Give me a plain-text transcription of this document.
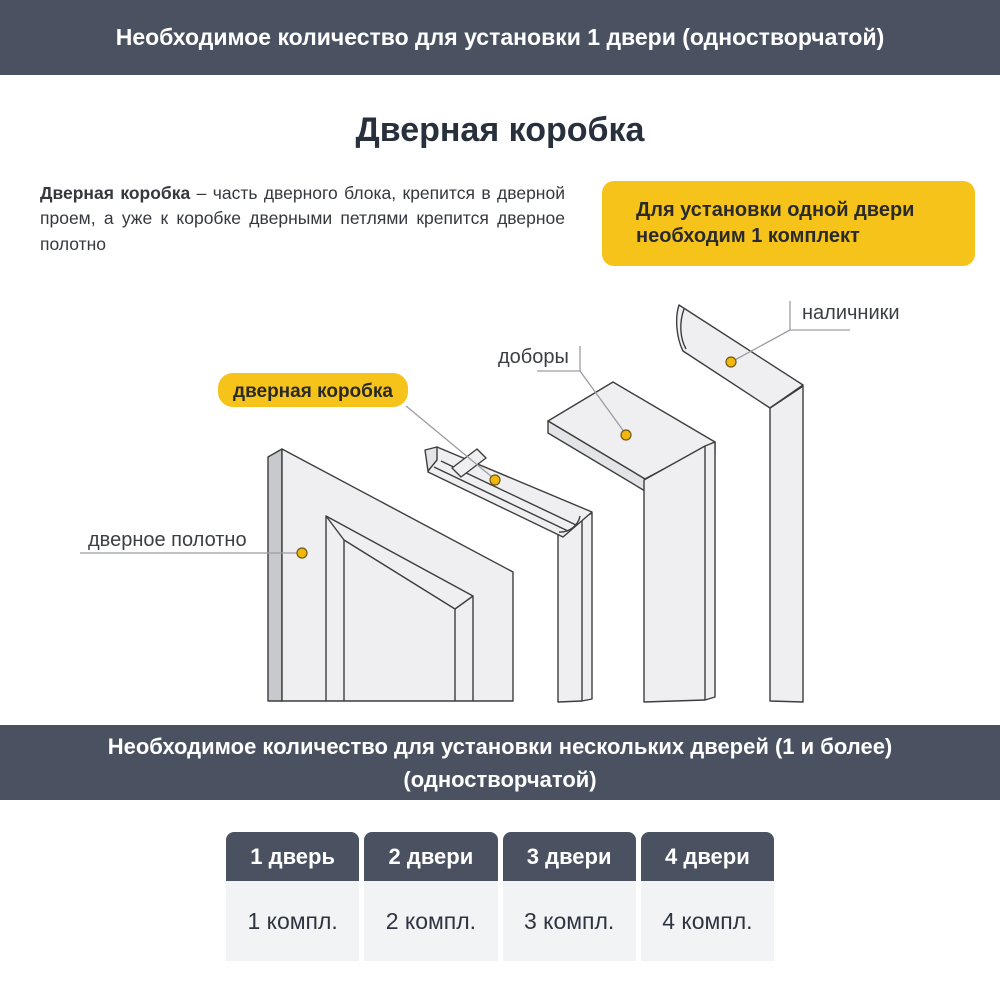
Необходимое количество для установки 1 двери (одностворчатой)
Дверная коробка
Дверная коробка – часть дверного блока, крепится в дверной проем, а уже к коробке дверными петлями крепится дверное полотно
Для установки одной двери
необходим 1 комплект
наличники
доборы
дверная коробка
дверное полотно
Необходимое количество для установки нескольких дверей (1 и более)
(одностворчатой)
1 дверь
1 компл.
2 двери
2 компл.
3 двери
3 компл.
4 двери
4 компл.
